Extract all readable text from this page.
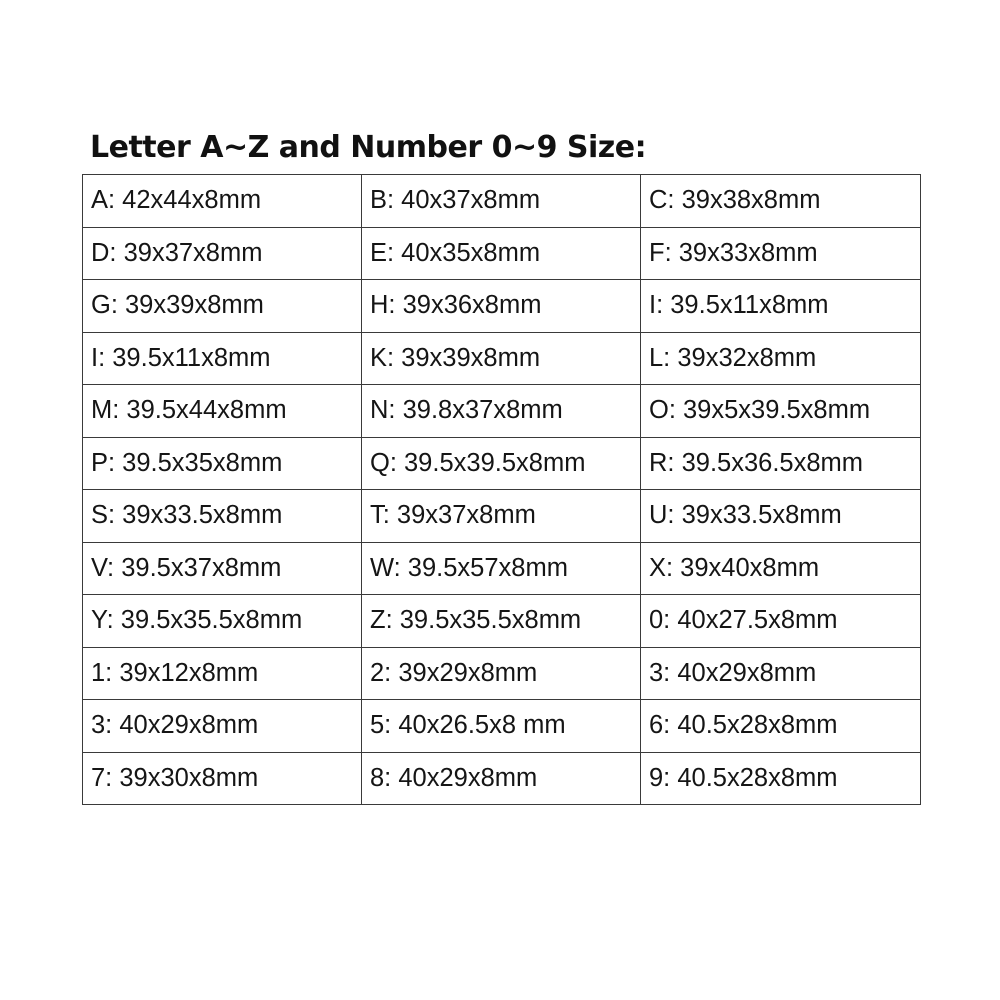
Letter A~Z and Number 0~9 Size:
A: 42x44x8mm	B: 40x37x8mm	C: 39x38x8mm
D: 39x37x8mm	E: 40x35x8mm	F: 39x33x8mm
G: 39x39x8mm	H: 39x36x8mm	I: 39.5x11x8mm
I: 39.5x11x8mm	K: 39x39x8mm	L: 39x32x8mm
M: 39.5x44x8mm	N: 39.8x37x8mm	O: 39x5x39.5x8mm
P: 39.5x35x8mm	Q: 39.5x39.5x8mm	R: 39.5x36.5x8mm
S: 39x33.5x8mm	T: 39x37x8mm	U: 39x33.5x8mm
V: 39.5x37x8mm	W: 39.5x57x8mm	X: 39x40x8mm
Y: 39.5x35.5x8mm	Z: 39.5x35.5x8mm	0: 40x27.5x8mm
1: 39x12x8mm	2: 39x29x8mm	3: 40x29x8mm
3: 40x29x8mm	5: 40x26.5x8 mm	6: 40.5x28x8mm
7: 39x30x8mm	8: 40x29x8mm	9: 40.5x28x8mm
